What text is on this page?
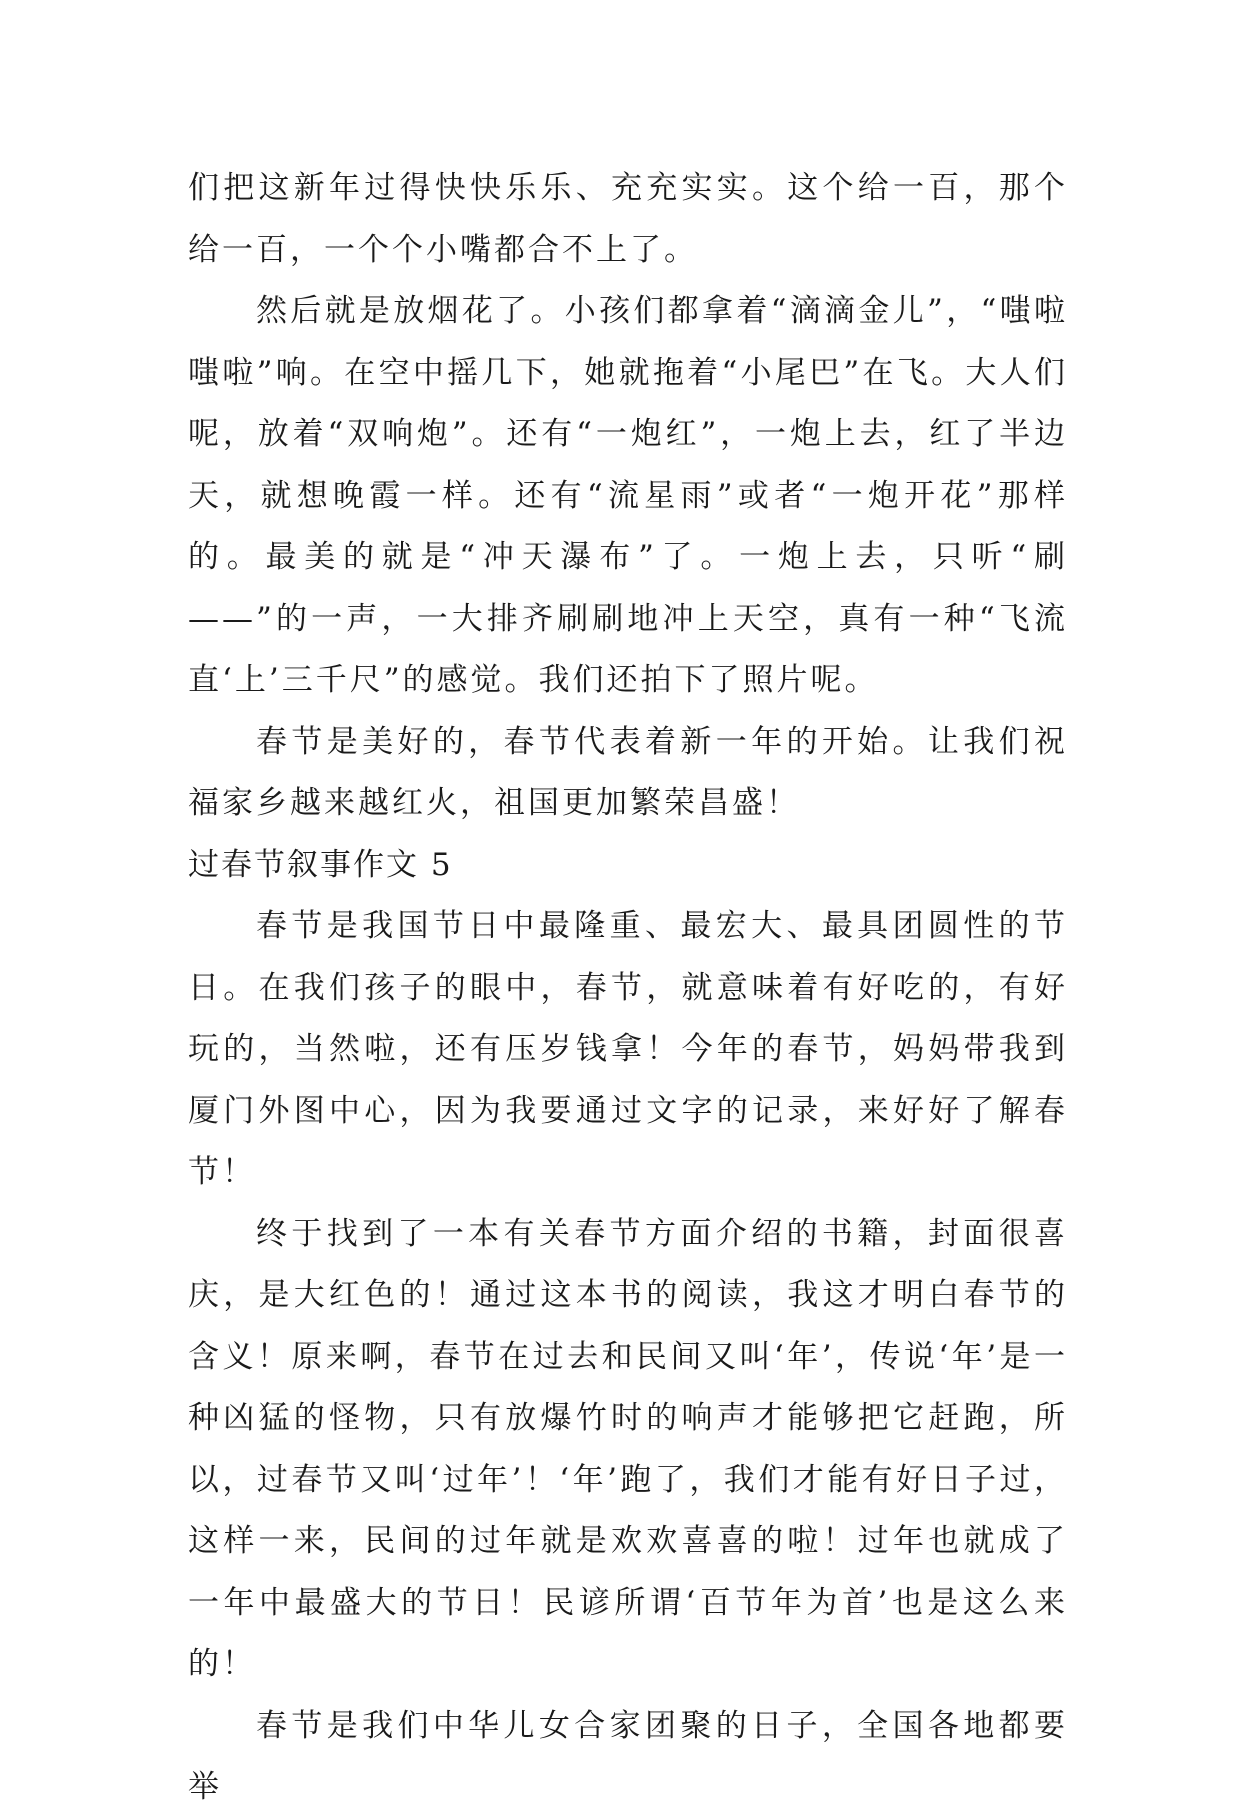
们把这新年过得快快乐乐、充充实实。这个给一百，那个给一百，一个个小嘴都合不上了。

然后就是放烟花了。小孩们都拿着“滴滴金儿”，“嗤啦嗤啦”响。在空中摇几下，她就拖着“小尾巴”在飞。大人们呢，放着“双响炮”。还有“一炮红”，一炮上去，红了半边天，就想晚霞一样。还有“流星雨”或者“一炮开花”那样的。最美的就是“冲天瀑布”了。一炮上去，只听“刷——”的一声，一大排齐刷刷地冲上天空，真有一种“飞流直‘上’三千尺”的感觉。我们还拍下了照片呢。

春节是美好的，春节代表着新一年的开始。让我们祝福家乡越来越红火，祖国更加繁荣昌盛！

过春节叙事作文 5

春节是我国节日中最隆重、最宏大、最具团圆性的节日。在我们孩子的眼中，春节，就意味着有好吃的，有好玩的，当然啦，还有压岁钱拿！今年的春节，妈妈带我到厦门外图中心，因为我要通过文字的记录，来好好了解春节！

终于找到了一本有关春节方面介绍的书籍，封面很喜庆，是大红色的！通过这本书的阅读，我这才明白春节的含义！原来啊，春节在过去和民间又叫‘年’，传说‘年’是一种凶猛的怪物，只有放爆竹时的响声才能够把它赶跑，所以，过春节又叫‘过年’！‘年’跑了，我们才能有好日子过，这样一来，民间的过年就是欢欢喜喜的啦！过年也就成了一年中最盛大的节日！民谚所谓‘百节年为首’也是这么来的！

春节是我们中华儿女合家团聚的日子，全国各地都要举
